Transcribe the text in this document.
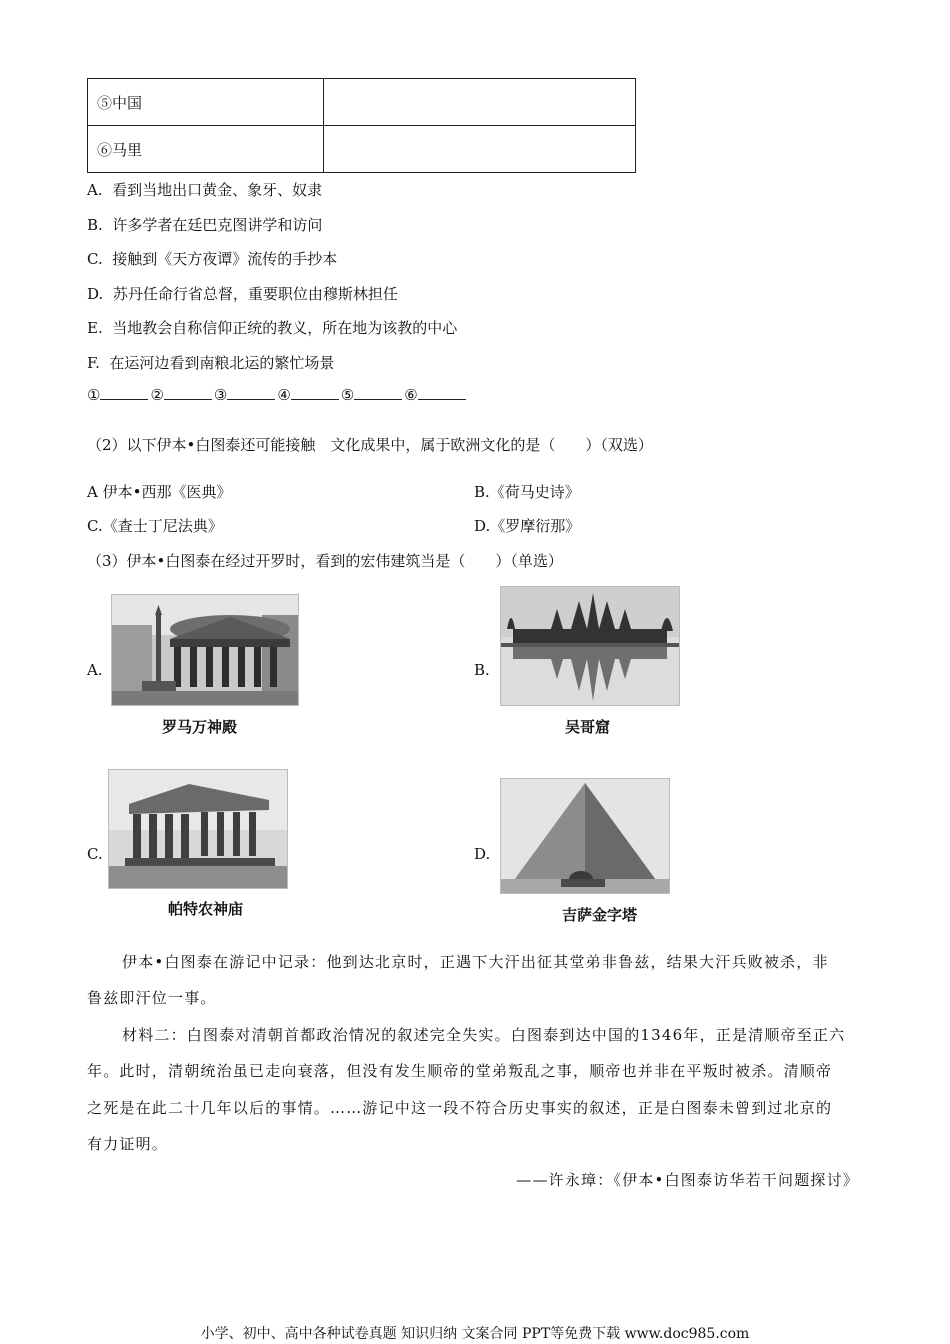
⑤中国	
⑥马里	
A. 看到当地出口黄金、象牙、奴隶
B. 许多学者在廷巴克图讲学和访问
C. 接触到《天方夜谭》流传的手抄本
D. 苏丹任命行省总督，重要职位由穆斯林担任
E. 当地教会自称信仰正统的教义，所在地为该教的中心
F. 在运河边看到南粮北运的繁忙场景
①	②	③	④	⑤	⑥
（2）以下伊本•白图泰还可能接触　文化成果中，属于欧洲文化的是（　　）（双选）
A 伊本•西那《医典》	B.《荷马史诗》
C.《查士丁尼法典》	D.《罗摩衍那》
（3）伊本•白图泰在经过开罗时，看到的宏伟建筑当是（　　）（单选）
A.
罗马万神殿
B.
吴哥窟
C.
帕特农神庙
D.
吉萨金字塔
伊本•白图泰在游记中记录：他到达北京时，正遇下大汗出征其堂弟非鲁兹，结果大汗兵败被杀，非
鲁兹即汗位一事。
材料二：白图泰对清朝首都政治情况的叙述完全失实。白图泰到达中国的1346年，正是清顺帝至正六
年。此时，清朝统治虽已走向衰落，但没有发生顺帝的堂弟叛乱之事，顺帝也并非在平叛时被杀。清顺帝
之死是在此二十几年以后的事情。……游记中这一段不符合历史事实的叙述，正是白图泰未曾到过北京的
有力证明。
——许永璋：《伊本•白图泰访华若干问题探讨》
小学、初中、高中各种试卷真题 知识归纳 文案合同 PPT等免费下载 www.doc985.com
